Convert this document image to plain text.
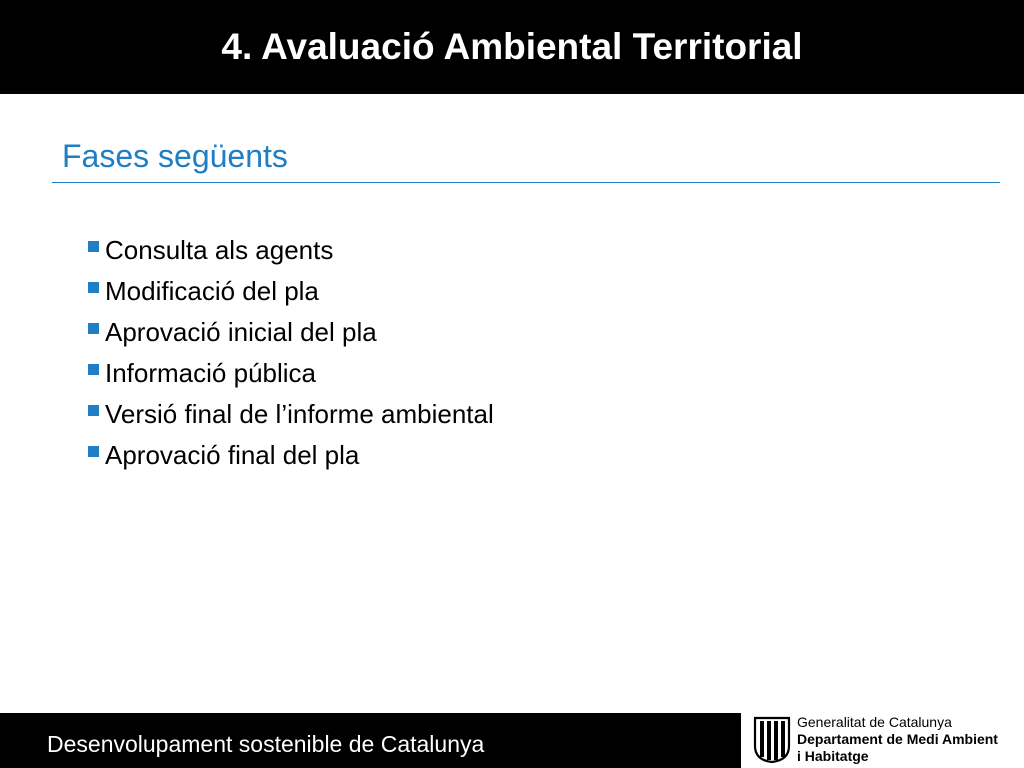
4. Avaluació Ambiental Territorial
Fases següents
Consulta als agents
Modificació del pla
Aprovació inicial del pla
Informació pública
Versió final de l’informe ambiental
Aprovació final del pla
Desenvolupament sostenible de Catalunya
Generalitat de Catalunya
Departament de Medi Ambient
i Habitatge
